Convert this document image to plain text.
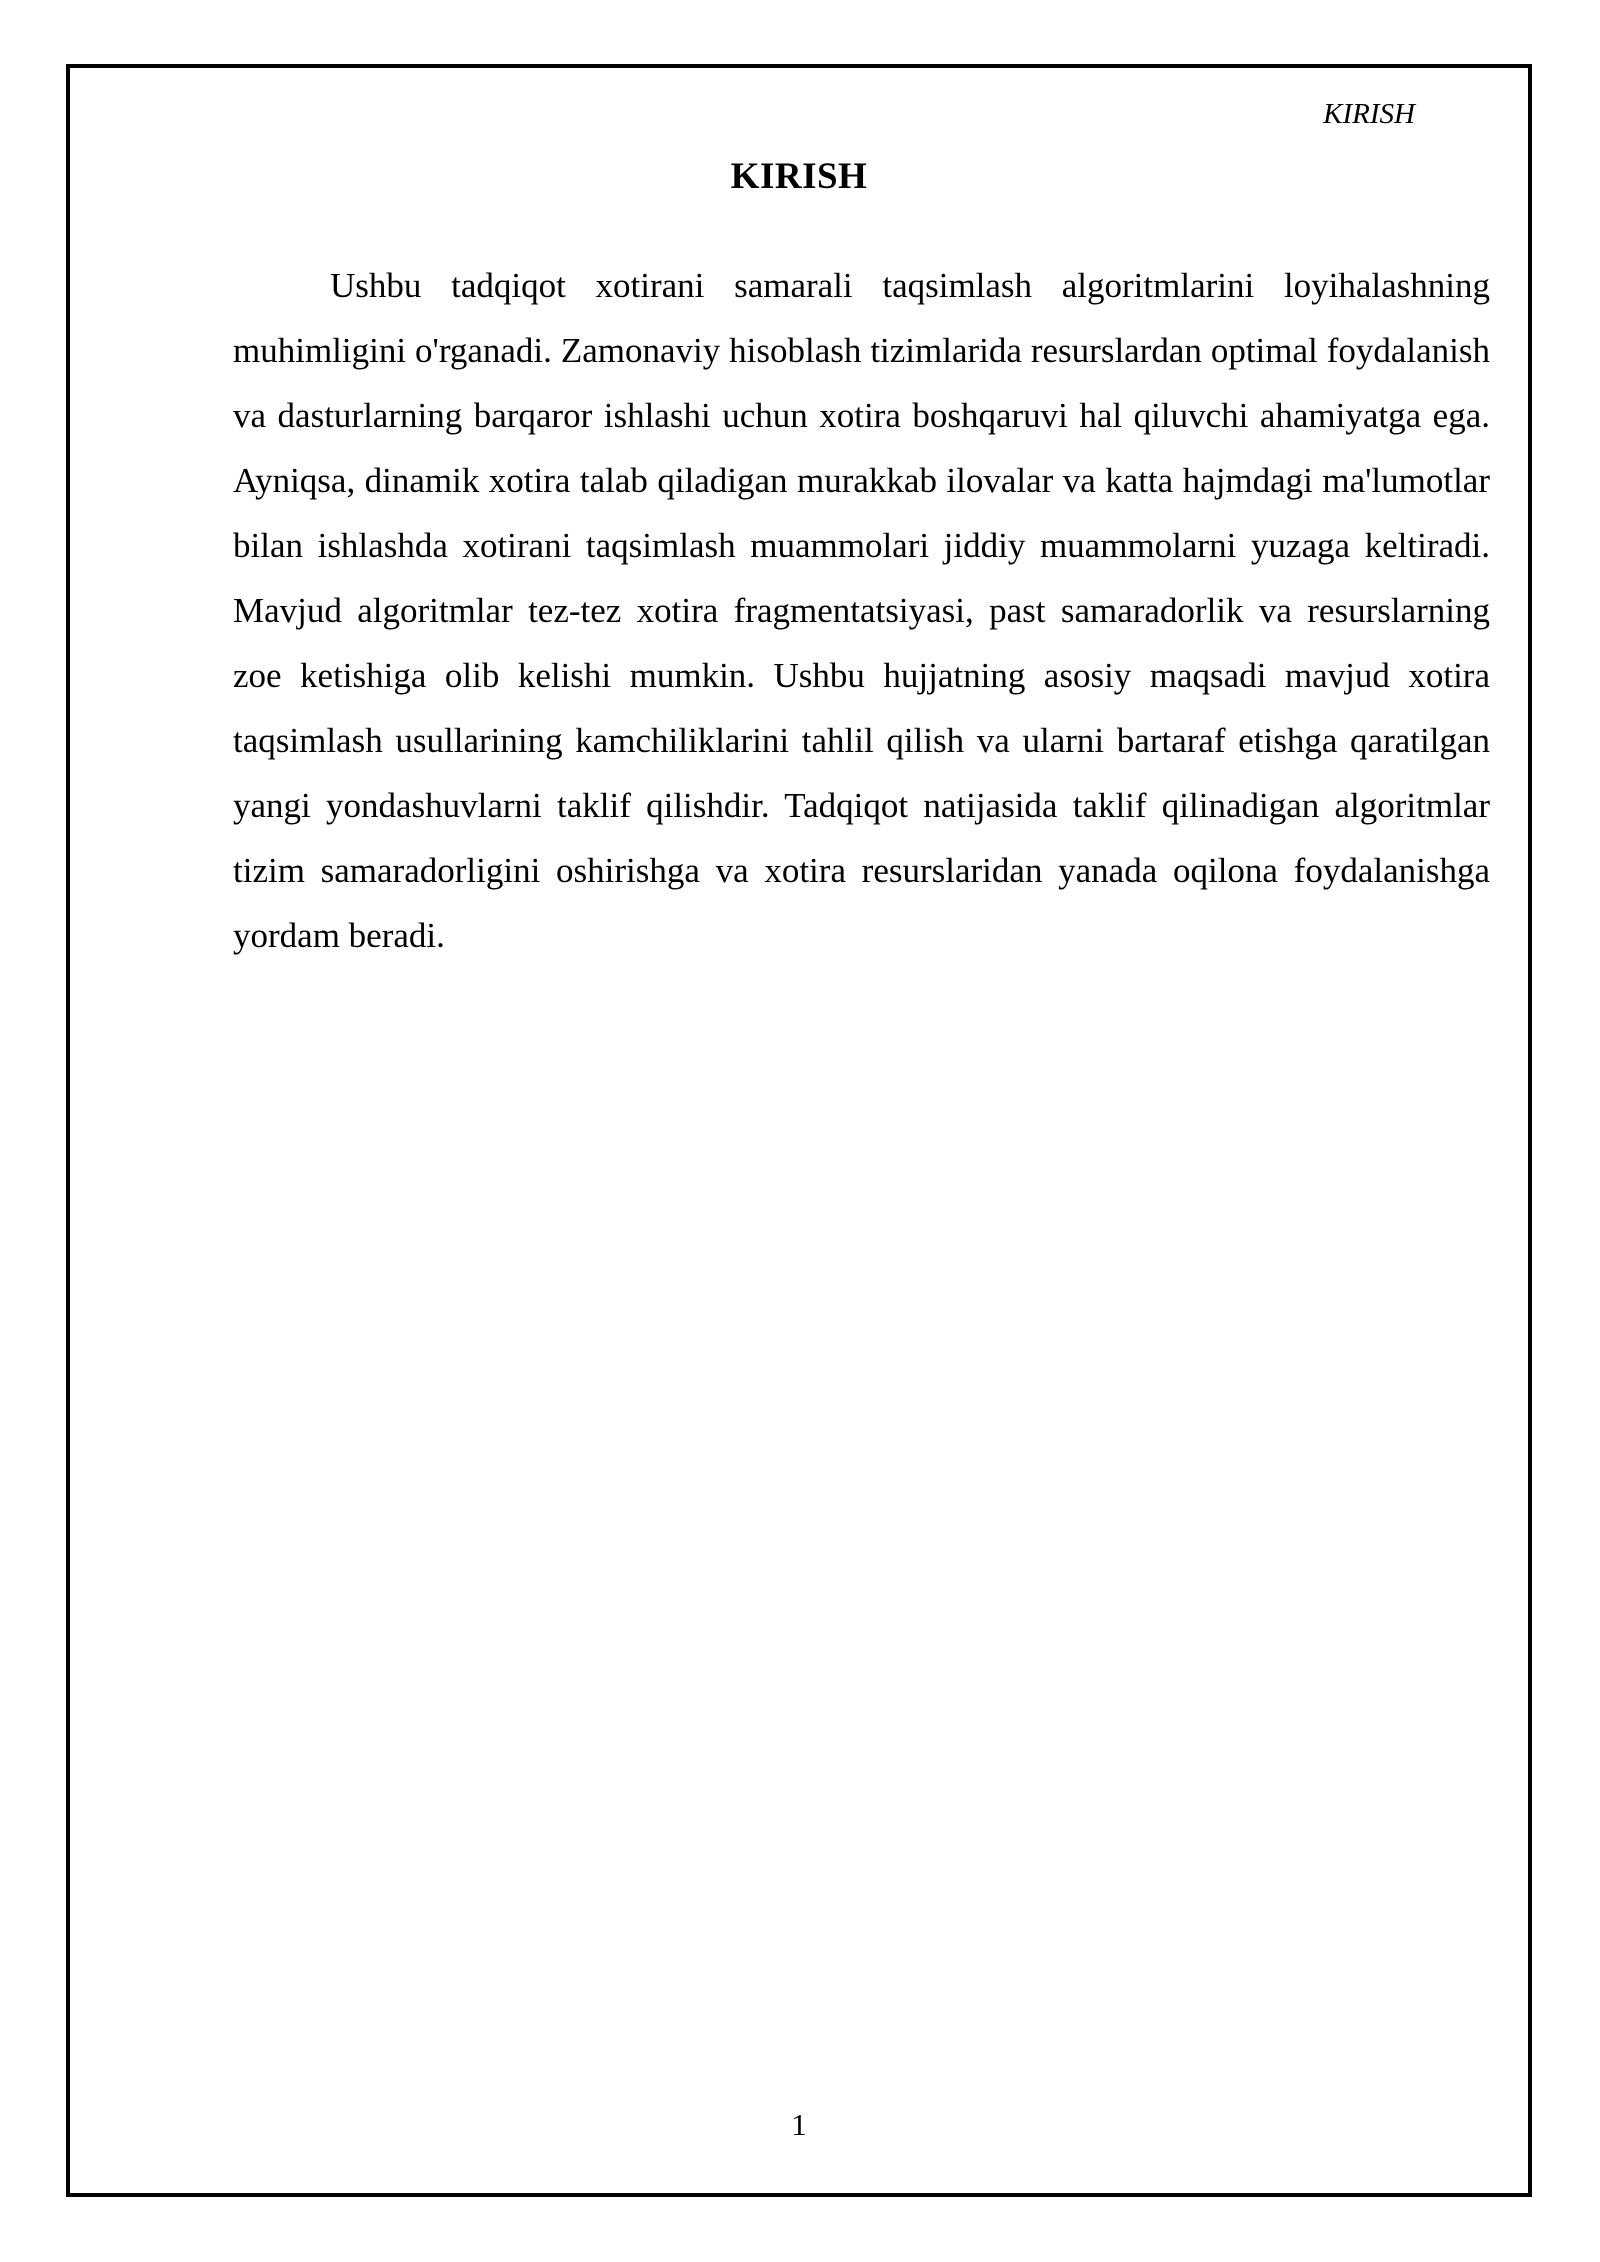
KIRISH
KIRISH

Ushbu tadqiqot xotirani samarali taqsimlash algoritmlarini loyihalashning muhimligini o'rganadi. Zamonaviy hisoblash tizimlarida resurslardan optimal foydalanish va dasturlarning barqaror ishlashi uchun xotira boshqaruvi hal qiluvchi ahamiyatga ega. Ayniqsa, dinamik xotira talab qiladigan murakkab ilovalar va katta hajmdagi ma'lumotlar bilan ishlashda xotirani taqsimlash muammolari jiddiy muammolarni yuzaga keltiradi. Mavjud algoritmlar tez-tez xotira fragmentatsiyasi, past samaradorlik va resurslarning zoe ketishiga olib kelishi mumkin. Ushbu hujjatning asosiy maqsadi mavjud xotira taqsimlash usullarining kamchiliklarini tahlil qilish va ularni bartaraf etishga qaratilgan yangi yondashuvlarni taklif qilishdir. Tadqiqot natijasida taklif qilinadigan algoritmlar tizim samaradorligini oshirishga va xotira resurslaridan yanada oqilona foydalanishga yordam beradi.

1
